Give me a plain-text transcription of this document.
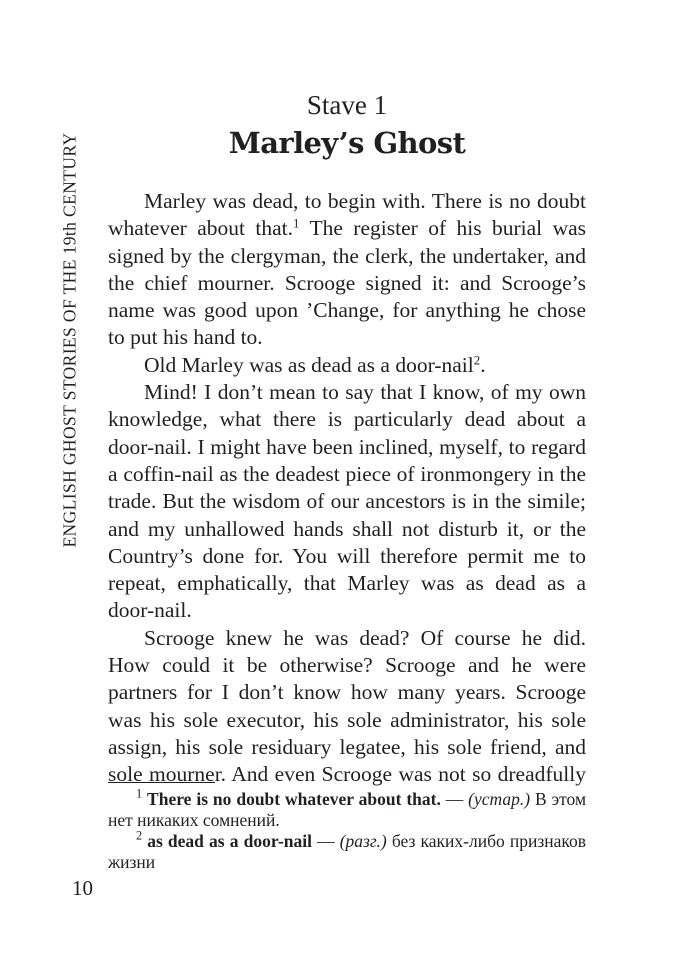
ENGLISH GHOST STORIES OF THE 19th CENTURY
Stave 1
Marley’s Ghost

Marley was dead, to begin with. There is no doubt whatever about that.$^1$ The register of his burial was signed by the clergyman, the clerk, the undertaker, and the chief mourner. Scrooge signed it: and Scrooge’s name was good upon ’Change, for anything he chose to put his hand to.

Old Marley was as dead as a door-nail$^2$.

Mind! I don’t mean to say that I know, of my own knowledge, what there is particularly dead about a door-nail. I might have been inclined, myself, to regard a coffin-nail as the deadest piece of ironmongery in the trade. But the wisdom of our ancestors is in the simile; and my unhallowed hands shall not disturb it, or the Country’s done for. You will therefore permit me to repeat, emphatically, that Marley was as dead as a door-nail.

Scrooge knew he was dead? Of course he did. How could it be otherwise? Scrooge and he were partners for I don’t know how many years. Scrooge was his sole executor, his sole administrator, his sole assign, his sole residuary legatee, his sole friend, and sole mourner. And even Scrooge was not so dreadfully

$^1$ There is no doubt whatever about that. — (устар.) В этом нет никаких сомнений.

$^2$ as dead as a door-nail — (разг.) без каких-либо признаков жизни

10
